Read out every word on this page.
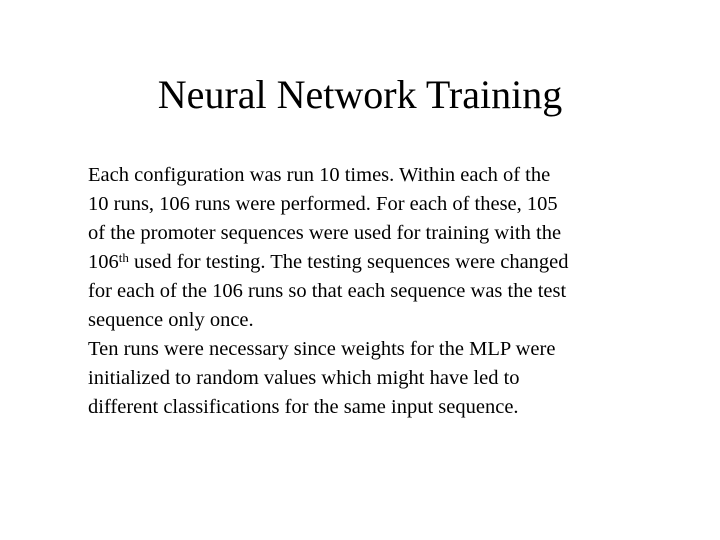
Neural Network Training

Each configuration was run 10 times. Within each of the
10 runs, 106 runs were performed. For each of these, 105
of the promoter sequences were used for training with the
106th used for testing. The testing sequences were changed
for each of the 106 runs so that each sequence was the test
sequence only once.

Ten runs were necessary since weights for the MLP were
initialized to random values which might have led to
different classifications for the same input sequence.
